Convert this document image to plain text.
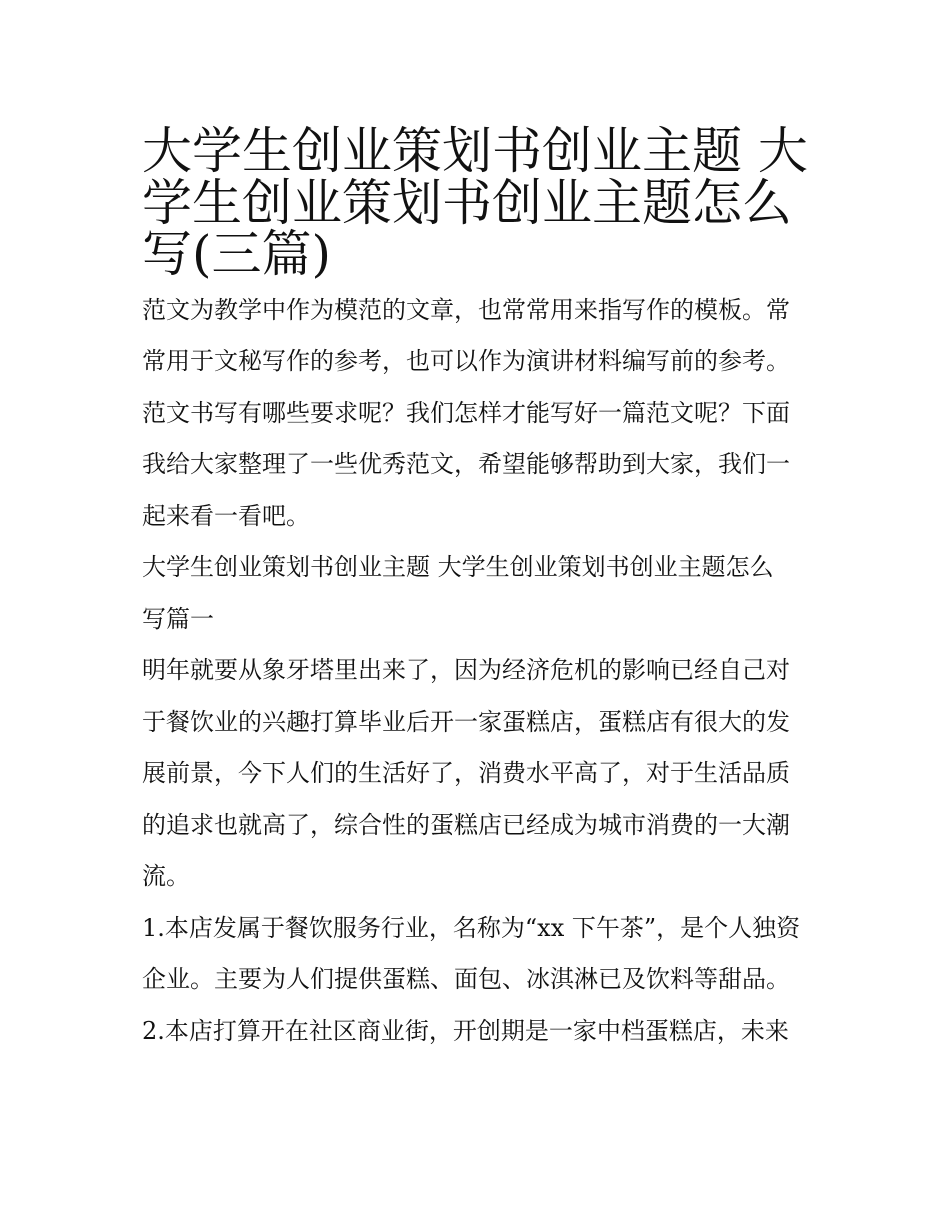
大学生创业策划书创业主题 大
学生创业策划书创业主题怎么
写(三篇)
范文为教学中作为模范的文章，也常常用来指写作的模板。常
常用于文秘写作的参考，也可以作为演讲材料编写前的参考。
范文书写有哪些要求呢？我们怎样才能写好一篇范文呢？下面
我给大家整理了一些优秀范文，希望能够帮助到大家，我们一
起来看一看吧。
大学生创业策划书创业主题 大学生创业策划书创业主题怎么
写篇一
明年就要从象牙塔里出来了，因为经济危机的影响已经自己对
于餐饮业的兴趣打算毕业后开一家蛋糕店，蛋糕店有很大的发
展前景，今下人们的生活好了，消费水平高了，对于生活品质
的追求也就高了，综合性的蛋糕店已经成为城市消费的一大潮
流。
1.本店发属于餐饮服务行业，名称为“xx 下午茶”，是个人独资
企业。主要为人们提供蛋糕、面包、冰淇淋已及饮料等甜品。
2.本店打算开在社区商业街，开创期是一家中档蛋糕店，未来
